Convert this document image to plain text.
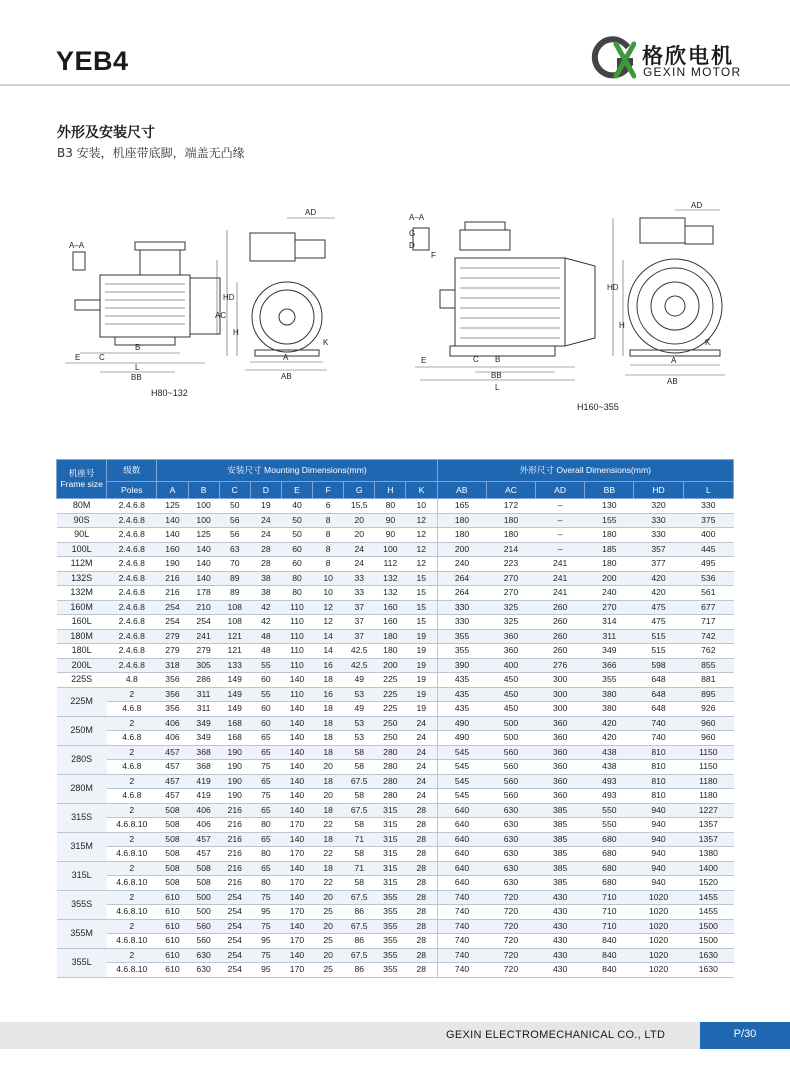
YEB4	格欣电机
GEXIN MOTOR
外形及安装尺寸
B3 安装，机座带底脚，端盖无凸缘
A–A
AD
HD
AC
H
A
AB
B
BB
C
E
L
K
A–A
AD
HD
H
A
AB
B
BB
C
E
L
G
D
F
K
H80~132
H160~355
机座号 Frame size	级数	安装尺寸 Mounting Dimensions(mm)									外形尺寸 Overall Dimensions(mm)					
	Poles	A	B	C	D	E	F	G	H	K	AB	AC	AD	BB	HD	L
80M	2.4.6.8	125	100	50	19	40	6	15.5	80	10	165	172	–	130	320	330
90S	2.4.6.8	140	100	56	24	50	8	20	90	12	180	180	–	155	330	375
90L	2.4.6.8	140	125	56	24	50	8	20	90	12	180	180	–	180	330	400
100L	2.4.6.8	160	140	63	28	60	8	24	100	12	200	214	–	185	357	445
112M	2.4.6.8	190	140	70	28	60	8	24	112	12	240	223	241	180	377	495
132S	2.4.6.8	216	140	89	38	80	10	33	132	15	264	270	241	200	420	536
132M	2.4.6.8	216	178	89	38	80	10	33	132	15	264	270	241	240	420	561
160M	2.4.6.8	254	210	108	42	110	12	37	160	15	330	325	260	270	475	677
160L	2.4.6.8	254	254	108	42	110	12	37	160	15	330	325	260	314	475	717
180M	2.4.6.8	279	241	121	48	110	14	37	180	19	355	360	260	311	515	742
180L	2.4.6.8	279	279	121	48	110	14	42.5	180	19	355	360	260	349	515	762
200L	2.4.6.8	318	305	133	55	110	16	42.5	200	19	390	400	276	366	598	855
225S	4.8	356	286	149	60	140	18	49	225	19	435	450	300	355	648	881
225M	2	356	311	149	55	110	16	53	225	19	435	450	300	380	648	895
	4.6.8	356	311	149	60	140	18	49	225	19	435	450	300	380	648	926
250M	2	406	349	168	60	140	18	53	250	24	490	500	360	420	740	960
	4.6.8	406	349	168	65	140	18	53	250	24	490	500	360	420	740	960
280S	2	457	368	190	65	140	18	58	280	24	545	560	360	438	810	1150
	4.6.8	457	368	190	75	140	20	58	280	24	545	560	360	438	810	1150
280M	2	457	419	190	65	140	18	67.5	280	24	545	560	360	493	810	1180
	4.6.8	457	419	190	75	140	20	58	280	24	545	560	360	493	810	1180
315S	2	508	406	216	65	140	18	67.5	315	28	640	630	385	550	940	1227
	4.6.8.10	508	406	216	80	170	22	58	315	28	640	630	385	550	940	1357
315M	2	508	457	216	65	140	18	71	315	28	640	630	385	680	940	1357
	4.6.8.10	508	457	216	80	170	22	58	315	28	640	630	385	680	940	1380
315L	2	508	508	216	65	140	18	71	315	28	640	630	385	680	940	1400
	4.6.8.10	508	508	216	80	170	22	58	315	28	640	630	385	680	940	1520
355S	2	610	500	254	75	140	20	67.5	355	28	740	720	430	710	1020	1455
	4.6.8.10	610	500	254	95	170	25	86	355	28	740	720	430	710	1020	1455
355M	2	610	560	254	75	140	20	67.5	355	28	740	720	430	710	1020	1500
	4.6.8.10	610	560	254	95	170	25	86	355	28	740	720	430	840	1020	1500
355L	2	610	630	254	75	140	20	67.5	355	28	740	720	430	840	1020	1630
	4.6.8.10	610	630	254	95	170	25	86	355	28	740	720	430	840	1020	1630
GEXIN ELECTROMECHANICAL CO., LTD	P/30
